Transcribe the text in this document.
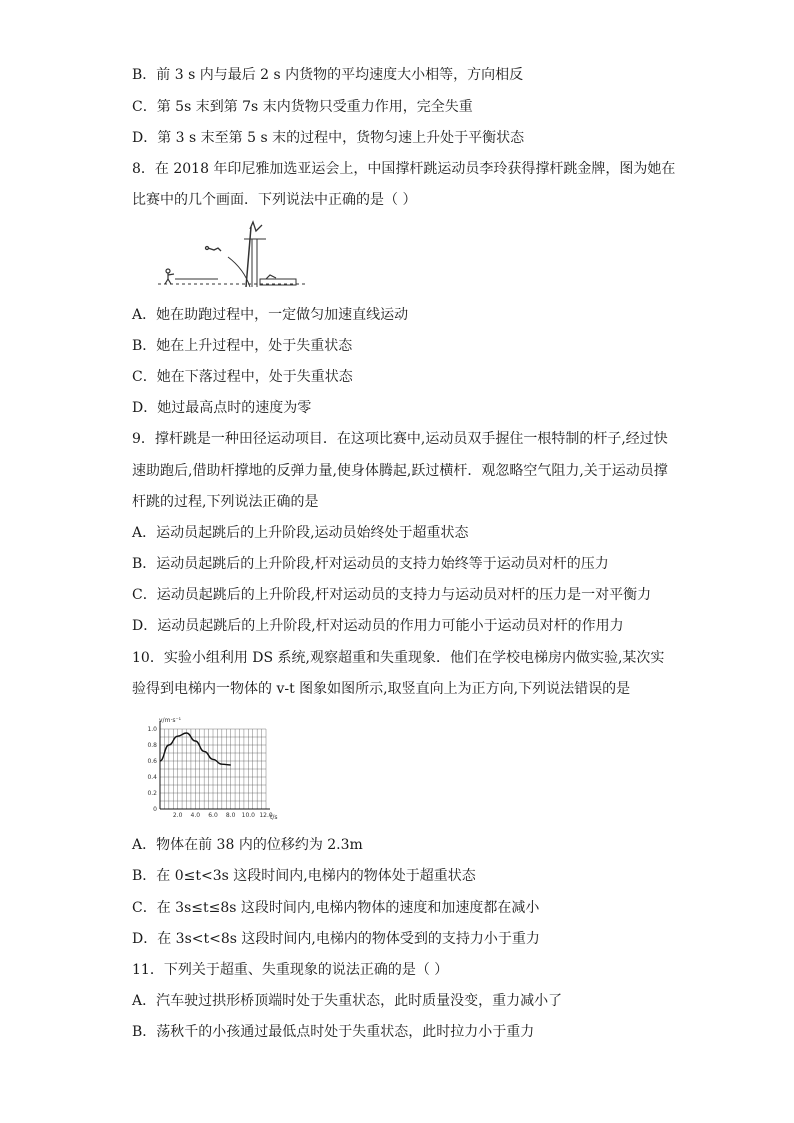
B．前 3 s 内与最后 2 s 内货物的平均速度大小相等，方向相反
C．第 5s 末到第 7s 末内货物只受重力作用，完全失重
D．第 3 s 末至第 5 s 末的过程中，货物匀速上升处于平衡状态
8．在 2018 年印尼雅加选亚运会上，中国撑杆跳运动员李玲获得撑杆跳金牌，图为她在
比赛中的几个画面．下列说法中正确的是（ ）
A．她在助跑过程中，一定做匀加速直线运动
B．她在上升过程中，处于失重状态
C．她在下落过程中，处于失重状态
D．她过最高点时的速度为零
9．撑杆跳是一种田径运动项目．在这项比赛中,运动员双手握住一根特制的杆子,经过快
速助跑后,借助杆撑地的反弹力量,使身体腾起,跃过横杆．观忽略空气阻力,关于运动员撑
杆跳的过程,下列说法正确的是
A．运动员起跳后的上升阶段,运动员始终处于超重状态
B．运动员起跳后的上升阶段,杆对运动员的支持力始终等于运动员对杆的压力
C．运动员起跳后的上升阶段,杆对运动员的支持力与运动员对杆的压力是一对平衡力
D．运动员起跳后的上升阶段,杆对运动员的作用力可能小于运动员对杆的作用力
10．实验小组利用 DS 系统,观察超重和失重现象．他们在学校电梯房内做实验,某次实
验得到电梯内一物体的 v-t 图象如图所示,取竖直向上为正方向,下列说法错误的是
1.0
0.8
0.6
0.4
0.2
0
2.0 4.0 6.0 8.0 10.0 12.0
v/m·s⁻¹
t/s
A．物体在前 38 内的位移约为 2.3m
B．在 0≤t<3s 这段时间内,电梯内的物体处于超重状态
C．在 3s≤t≤8s 这段时间内,电梯内物体的速度和加速度都在减小
D．在 3s<t<8s 这段时间内,电梯内的物体受到的支持力小于重力
11．下列关于超重、失重现象的说法正确的是（ ）
A．汽车驶过拱形桥顶端时处于失重状态，此时质量没变，重力减小了
B．荡秋千的小孩通过最低点时处于失重状态，此时拉力小于重力
